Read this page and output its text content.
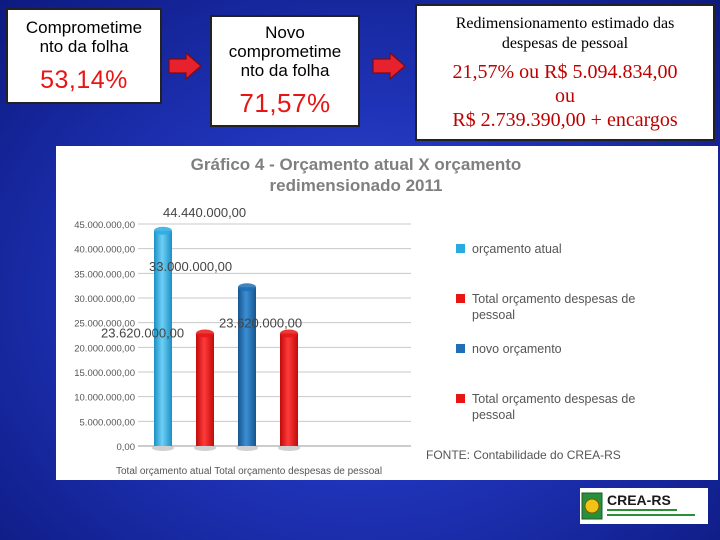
Comprometime
nto da folha
53,14%
Novo
comprometime
nto da folha
71,57%
Redimensionamento estimado das
despesas de pessoal
21,57% ou R$ 5.094.834,00
ou
R$ 2.739.390,00 + encargos
Gráfico 4 - Orçamento atual X orçamento
redimensionado 2011
0,00
5.000.000,00
10.000.000,00
15.000.000,00
20.000.000,00
25.000.000,00
30.000.000,00
35.000.000,00
40.000.000,00
45.000.000,00
44.440.000,00
23.620.000,00
33.000.000,00
23.620.000,00
orçamento atual
Total orçamento despesas de pessoal
novo orçamento
Total orçamento despesas de pessoal
Total orçamento atual Total orçamento despesas de pessoal
FONTE: Contabilidade do CREA-RS
CREA-RS
